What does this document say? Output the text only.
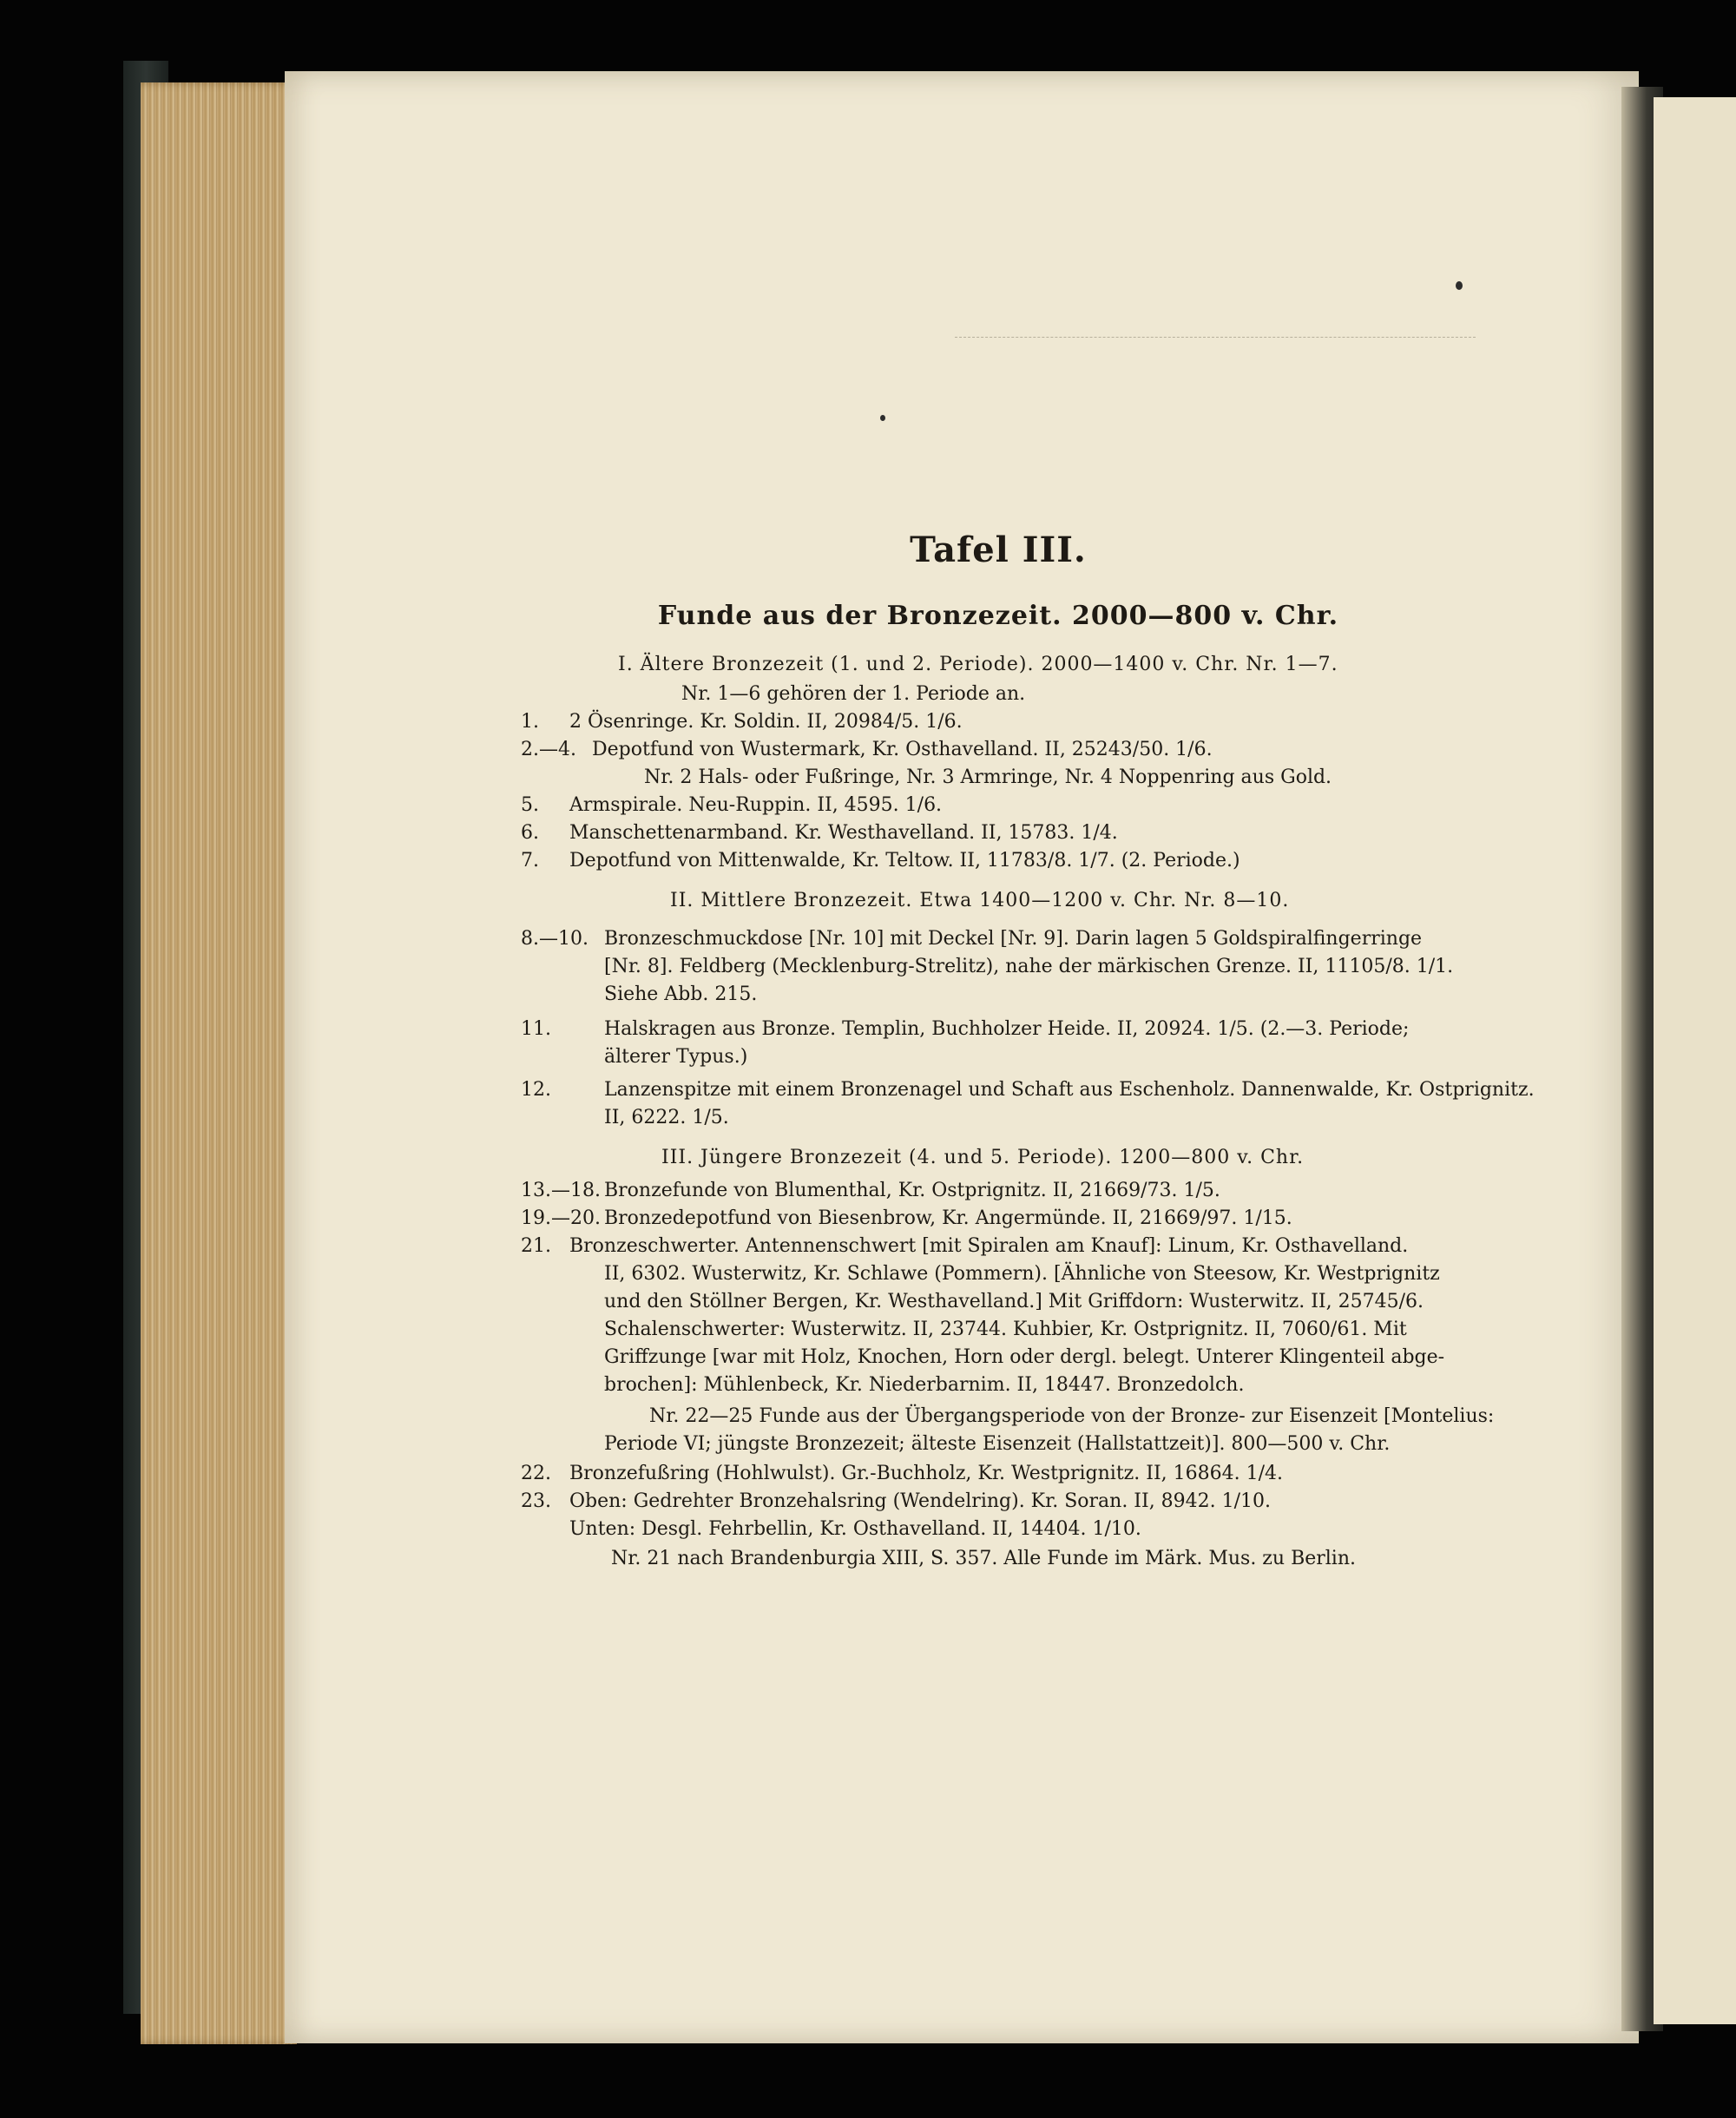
Tafel III.
Funde aus der Bronzezeit. 2000—800 v. Chr.
I. Ältere Bronzezeit (1. und 2. Periode). 2000—1400 v. Chr. Nr. 1—7.
Nr. 1—6 gehören der 1. Periode an.
1. 2 Ösenringe. Kr. Soldin. II, 20984/5. 1/6.
2.—4. Depotfund von Wustermark, Kr. Osthavelland. II, 25243/50. 1/6.
Nr. 2 Hals- oder Fußringe, Nr. 3 Armringe, Nr. 4 Noppenring aus Gold.
5. Armspirale. Neu-Ruppin. II, 4595. 1/6.
6. Manschettenarmband. Kr. Westhavelland. II, 15783. 1/4.
7. Depotfund von Mittenwalde, Kr. Teltow. II, 11783/8. 1/7. (2. Periode.)
II. Mittlere Bronzezeit. Etwa 1400—1200 v. Chr. Nr. 8—10.
8.—10. Bronzeschmuckdose [Nr. 10] mit Deckel [Nr. 9]. Darin lagen 5 Goldspiralfingerringe
[Nr. 8]. Feldberg (Mecklenburg-Strelitz), nahe der märkischen Grenze. II, 11105/8. 1/1.
Siehe Abb. 215.
11.	Halskragen aus Bronze. Templin, Buchholzer Heide. II, 20924. 1/5. (2.—3. Periode;
älterer Typus.)
12.	Lanzenspitze mit einem Bronzenagel und Schaft aus Eschenholz. Dannenwalde, Kr. Ostprignitz.
II, 6222. 1/5.
III. Jüngere Bronzezeit (4. und 5. Periode). 1200—800 v. Chr.
13.—18. Bronzefunde von Blumenthal, Kr. Ostprignitz. II, 21669/73. 1/5.
19.—20. Bronzedepotfund von Biesenbrow, Kr. Angermünde. II, 21669/97. 1/15.
21. Bronzeschwerter. Antennenschwert [mit Spiralen am Knauf]: Linum, Kr. Osthavelland.
II, 6302. Wusterwitz, Kr. Schlawe (Pommern). [Ähnliche von Steesow, Kr. Westprignitz
und den Stöllner Bergen, Kr. Westhavelland.] Mit Griffdorn: Wusterwitz. II, 25745/6.
Schalenschwerter: Wusterwitz. II, 23744. Kuhbier, Kr. Ostprignitz. II, 7060/61. Mit
Griffzunge [war mit Holz, Knochen, Horn oder dergl. belegt. Unterer Klingenteil abge-
brochen]: Mühlenbeck, Kr. Niederbarnim. II, 18447. Bronzedolch.
Nr. 22—25 Funde aus der Übergangsperiode von der Bronze- zur Eisenzeit [Montelius:
Periode VI; jüngste Bronzezeit; älteste Eisenzeit (Hallstattzeit)]. 800—500 v. Chr.
22. Bronzefußring (Hohlwulst). Gr.-Buchholz, Kr. Westprignitz. II, 16864. 1/4.
23. Oben: Gedrehter Bronzehalsring (Wendelring). Kr. Soran. II, 8942. 1/10.
Unten: Desgl. Fehrbellin, Kr. Osthavelland. II, 14404. 1/10.
Nr. 21 nach Brandenburgia XIII, S. 357. Alle Funde im Märk. Mus. zu Berlin.
